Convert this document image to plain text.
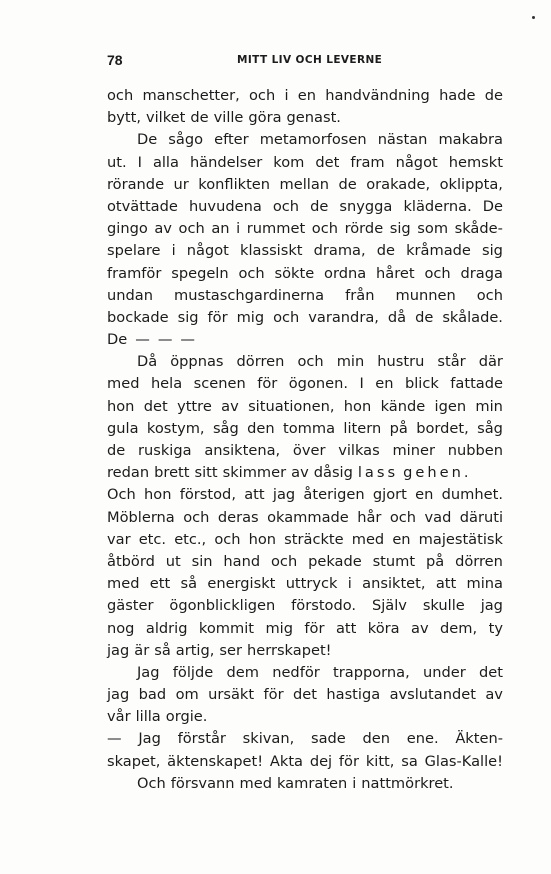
78	MITT LIV OCH LEVERNE
och manschetter, och i en handvändning hade de
bytt, vilket de ville göra genast.
De sågo efter metamorfosen nästan makabra
ut. I alla händelser kom det fram något hemskt
rörande ur konflikten mellan de orakade, oklippta,
otvättade huvudena och de snygga kläderna. De
gingo av och an i rummet och rörde sig som skåde-
spelare i något klassiskt drama, de kråmade sig
framför spegeln och sökte ordna håret och draga
undan mustaschgardinerna från munnen och
bockade sig för mig och varandra, då de skålade.
De — — —
Då öppnas dörren och min hustru står där
med hela scenen för ögonen. I en blick fattade
hon det yttre av situationen, hon kände igen min
gula kostym, såg den tomma litern på bordet, såg
de ruskiga ansiktena, över vilkas miner nubben
redan brett sitt skimmer av dåsig lass gehen.
Och hon förstod, att jag återigen gjort en dumhet.
Möblerna och deras okammade hår och vad däruti
var etc. etc., och hon sträckte med en majestätisk
åtbörd ut sin hand och pekade stumt på dörren
med ett så energiskt uttryck i ansiktet, att mina
gäster ögonblickligen förstodo. Själv skulle jag
nog aldrig kommit mig för att köra av dem, ty
jag är så artig, ser herrskapet!
Jag följde dem nedför trapporna, under det
jag bad om ursäkt för det hastiga avslutandet av
vår lilla orgie.
— Jag förstår skivan, sade den ene. Äkten-
skapet, äktenskapet! Akta dej för kitt, sa Glas-Kalle!
Och försvann med kamraten i nattmörkret.
